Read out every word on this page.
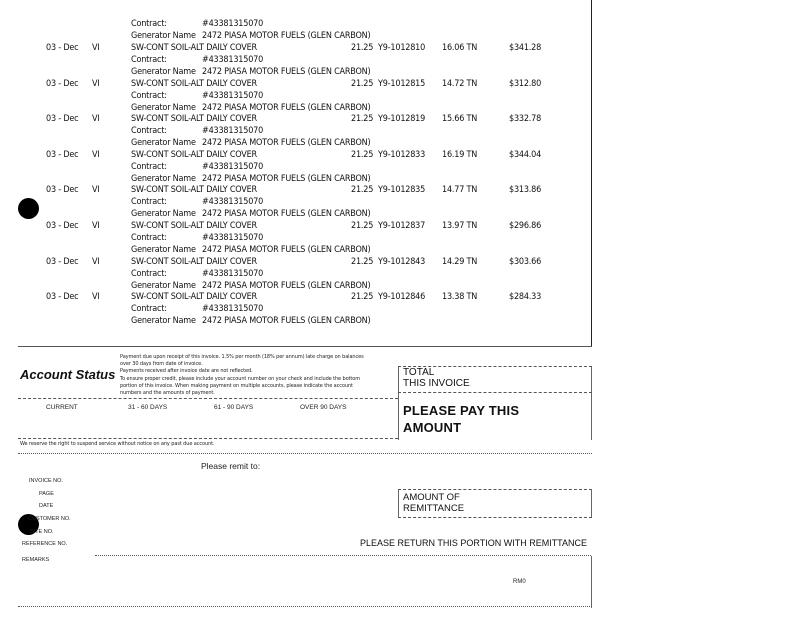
Contract:	#43381315070
Generator Name 2472 PIASA MOTOR FUELS (GLEN CARBON)
03 - Dec VI	SW-CONT SOIL-ALT DAILY COVER	21.25 Y9-1012810 16.06 TN	$341.28
Contract:	#43381315070
Generator Name 2472 PIASA MOTOR FUELS (GLEN CARBON)
03 - Dec VI	SW-CONT SOIL-ALT DAILY COVER	21.25 Y9-1012815 14.72 TN	$312.80
Contract:	#43381315070
Generator Name 2472 PIASA MOTOR FUELS (GLEN CARBON)
03 - Dec VI	SW-CONT SOIL-ALT DAILY COVER	21.25 Y9-1012819 15.66 TN	$332.78
Contract:	#43381315070
Generator Name 2472 PIASA MOTOR FUELS (GLEN CARBON)
03 - Dec VI	SW-CONT SOIL-ALT DAILY COVER	21.25 Y9-1012833 16.19 TN	$344.04
Contract:	#43381315070
Generator Name 2472 PIASA MOTOR FUELS (GLEN CARBON)
03 - Dec VI	SW-CONT SOIL-ALT DAILY COVER	21.25 Y9-1012835 14.77 TN	$313.86
Contract:	#43381315070
Generator Name 2472 PIASA MOTOR FUELS (GLEN CARBON)
03 - Dec VI	SW-CONT SOIL-ALT DAILY COVER	21.25 Y9-1012837 13.97 TN	$296.86
Contract:	#43381315070
Generator Name 2472 PIASA MOTOR FUELS (GLEN CARBON)
03 - Dec VI	SW-CONT SOIL-ALT DAILY COVER	21.25 Y9-1012843 14.29 TN	$303.66
Contract:	#43381315070
Generator Name 2472 PIASA MOTOR FUELS (GLEN CARBON)
03 - Dec VI	SW-CONT SOIL-ALT DAILY COVER	21.25 Y9-1012846 13.38 TN	$284.33
Contract:	#43381315070
Generator Name 2472 PIASA MOTOR FUELS (GLEN CARBON)
Account Status
Payment due upon receipt of this invoice. 1.5% per month (18% per annum) late charge on balances
over 30 days from date of invoice.
Payments received after invoice date are not reflected.
To ensure proper credit, please include your account number on your check and include the bottom
portion of this invoice. When making payment on multiple accounts, please indicate the account
numbers and the amounts of payment.
CURRENT	31 - 60 DAYS	61 - 90 DAYS	OVER 90 DAYS
TOTAL
THIS INVOICE
PLEASE PAY THIS
AMOUNT
We reserve the right to suspend service without notice on any past due account.
Please remit to:
INVOICE NO.
PAGE
DATE
CUSTOMER NO.
SITE NO.
REFERENCE NO.
REMARKS
AMOUNT OF
REMITTANCE
PLEASE RETURN THIS PORTION WITH REMITTANCE
RM0
